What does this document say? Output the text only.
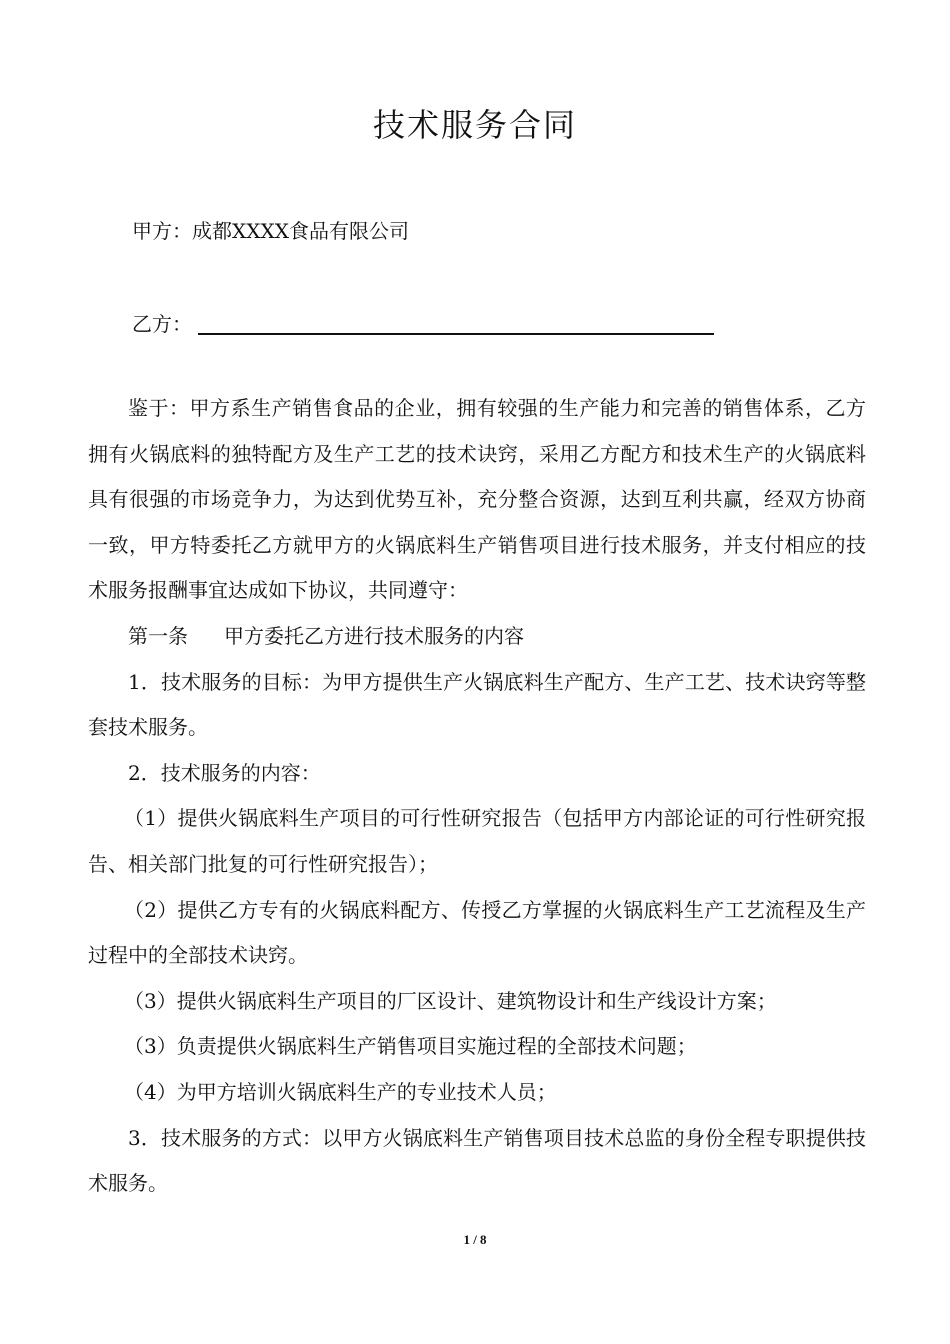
技术服务合同
甲方：成都XXXX食品有限公司
乙方：

鉴于：甲方系生产销售食品的企业，拥有较强的生产能力和完善的销售体系，乙方拥有火锅底料的独特配方及生产工艺的技术诀窍，采用乙方配方和技术生产的火锅底料具有很强的市场竞争力，为达到优势互补，充分整合资源，达到互利共赢，经双方协商一致，甲方特委托乙方就甲方的火锅底料生产销售项目进行技术服务，并支付相应的技术服务报酬事宜达成如下协议，共同遵守：

第一条 甲方委托乙方进行技术服务的内容

1．技术服务的目标：为甲方提供生产火锅底料生产配方、生产工艺、技术诀窍等整套技术服务。

2．技术服务的内容：

（1）提供火锅底料生产项目的可行性研究报告（包括甲方内部论证的可行性研究报告、相关部门批复的可行性研究报告）；

（2）提供乙方专有的火锅底料配方、传授乙方掌握的火锅底料生产工艺流程及生产过程中的全部技术诀窍。

（3）提供火锅底料生产项目的厂区设计、建筑物设计和生产线设计方案；

（3）负责提供火锅底料生产销售项目实施过程的全部技术问题；

（4）为甲方培训火锅底料生产的专业技术人员；

3．技术服务的方式：以甲方火锅底料生产销售项目技术总监的身份全程专职提供技术服务。

1 / 8
